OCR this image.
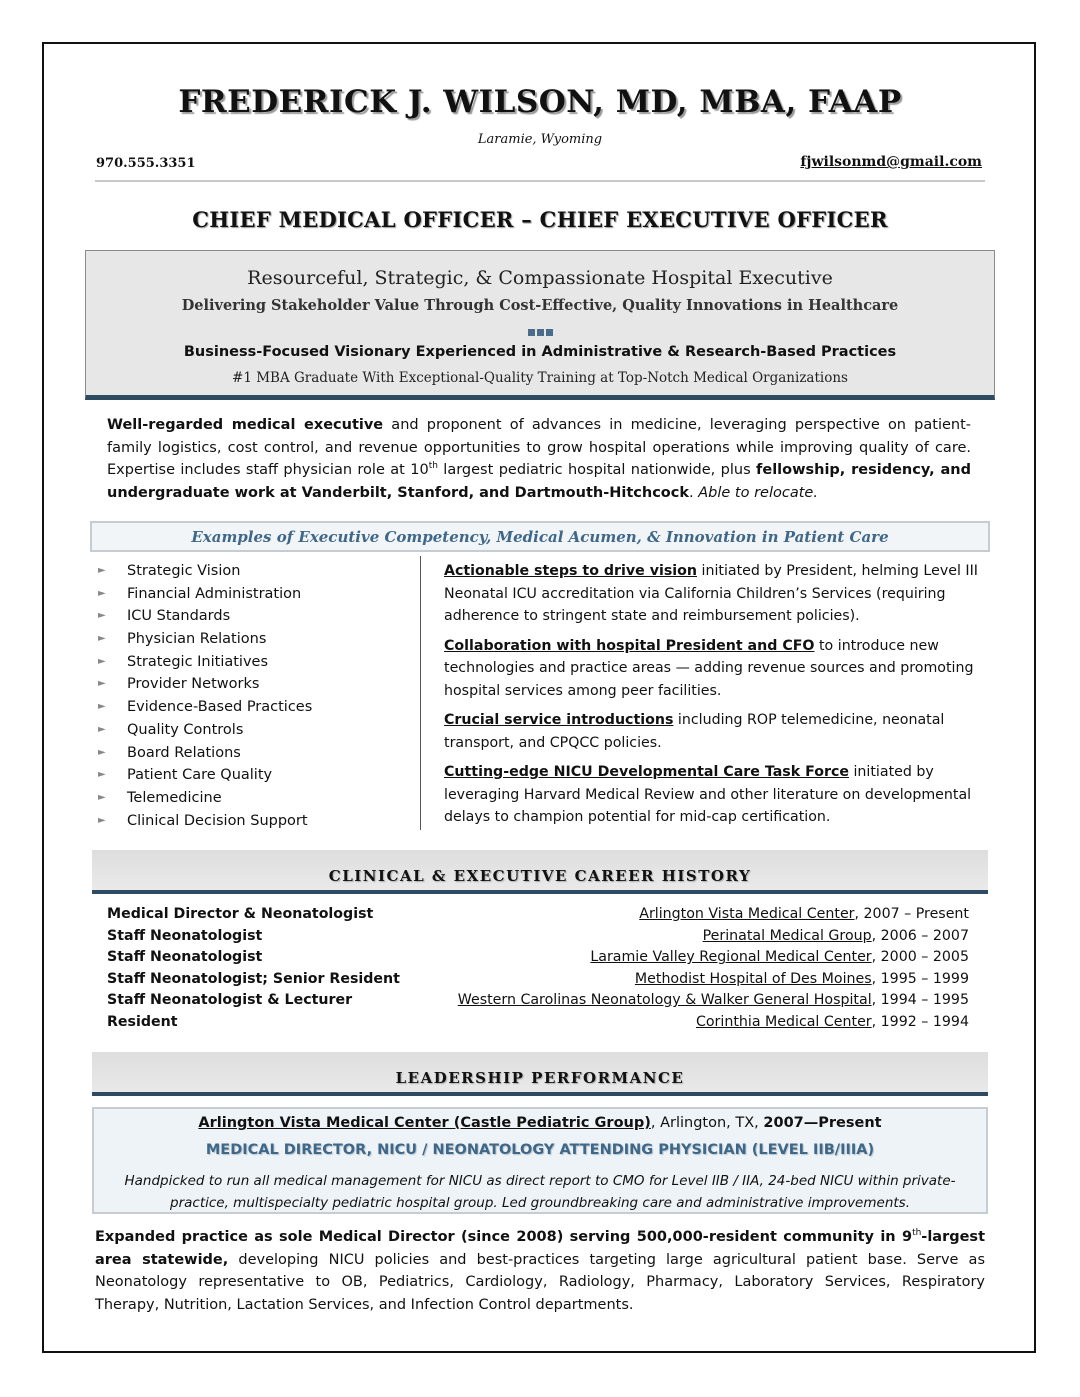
FREDERICK J. WILSON, MD, MBA, FAAP
Laramie, Wyoming
970.555.3351	fjwilsonmd@gmail.com
CHIEF MEDICAL OFFICER – CHIEF EXECUTIVE OFFICER
Resourceful, Strategic, & Compassionate Hospital Executive
Delivering Stakeholder Value Through Cost-Effective, Quality Innovations in Healthcare
Business-Focused Visionary Experienced in Administrative & Research-Based Practices
#1 MBA Graduate With Exceptional-Quality Training at Top-Notch Medical Organizations
Well-regarded medical executive and proponent of advances in medicine, leveraging perspective on patient-family logistics, cost control, and revenue opportunities to grow hospital operations while improving quality of care. Expertise includes staff physician role at 10th largest pediatric hospital nationwide, plus fellowship, residency, and undergraduate work at Vanderbilt, Stanford, and Dartmouth-Hitchcock. Able to relocate.
Examples of Executive Competency, Medical Acumen, & Innovation in Patient Care
► Strategic Vision
► Financial Administration
► ICU Standards
► Physician Relations
► Strategic Initiatives
► Provider Networks
► Evidence-Based Practices
► Quality Controls
► Board Relations
► Patient Care Quality
► Telemedicine
► Clinical Decision Support
Actionable steps to drive vision initiated by President, helming Level III Neonatal ICU accreditation via California Children’s Services (requiring adherence to stringent state and reimbursement policies).
Collaboration with hospital President and CFO to introduce new technologies and practice areas — adding revenue sources and promoting hospital services among peer facilities.
Crucial service introductions including ROP telemedicine, neonatal transport, and CPQCC policies.
Cutting-edge NICU Developmental Care Task Force initiated by leveraging Harvard Medical Review and other literature on developmental delays to champion potential for mid-cap certification.
CLINICAL & EXECUTIVE CAREER HISTORY
Medical Director & Neonatologist	Arlington Vista Medical Center, 2007 – Present
Staff Neonatologist	Perinatal Medical Group, 2006 – 2007
Staff Neonatologist	Laramie Valley Regional Medical Center, 2000 – 2005
Staff Neonatologist; Senior Resident	Methodist Hospital of Des Moines, 1995 – 1999
Staff Neonatologist & Lecturer	Western Carolinas Neonatology & Walker General Hospital, 1994 – 1995
Resident	Corinthia Medical Center, 1992 – 1994
LEADERSHIP PERFORMANCE
Arlington Vista Medical Center (Castle Pediatric Group), Arlington, TX, 2007—Present
MEDICAL DIRECTOR, NICU / NEONATOLOGY ATTENDING PHYSICIAN (LEVEL IIB/IIIA)
Handpicked to run all medical management for NICU as direct report to CMO for Level IIB / IIA, 24-bed NICU within private-practice, multispecialty pediatric hospital group. Led groundbreaking care and administrative improvements.
Expanded practice as sole Medical Director (since 2008) serving 500,000-resident community in 9th-largest area statewide, developing NICU policies and best-practices targeting large agricultural patient base. Serve as Neonatology representative to OB, Pediatrics, Cardiology, Radiology, Pharmacy, Laboratory Services, Respiratory Therapy, Nutrition, Lactation Services, and Infection Control departments.
